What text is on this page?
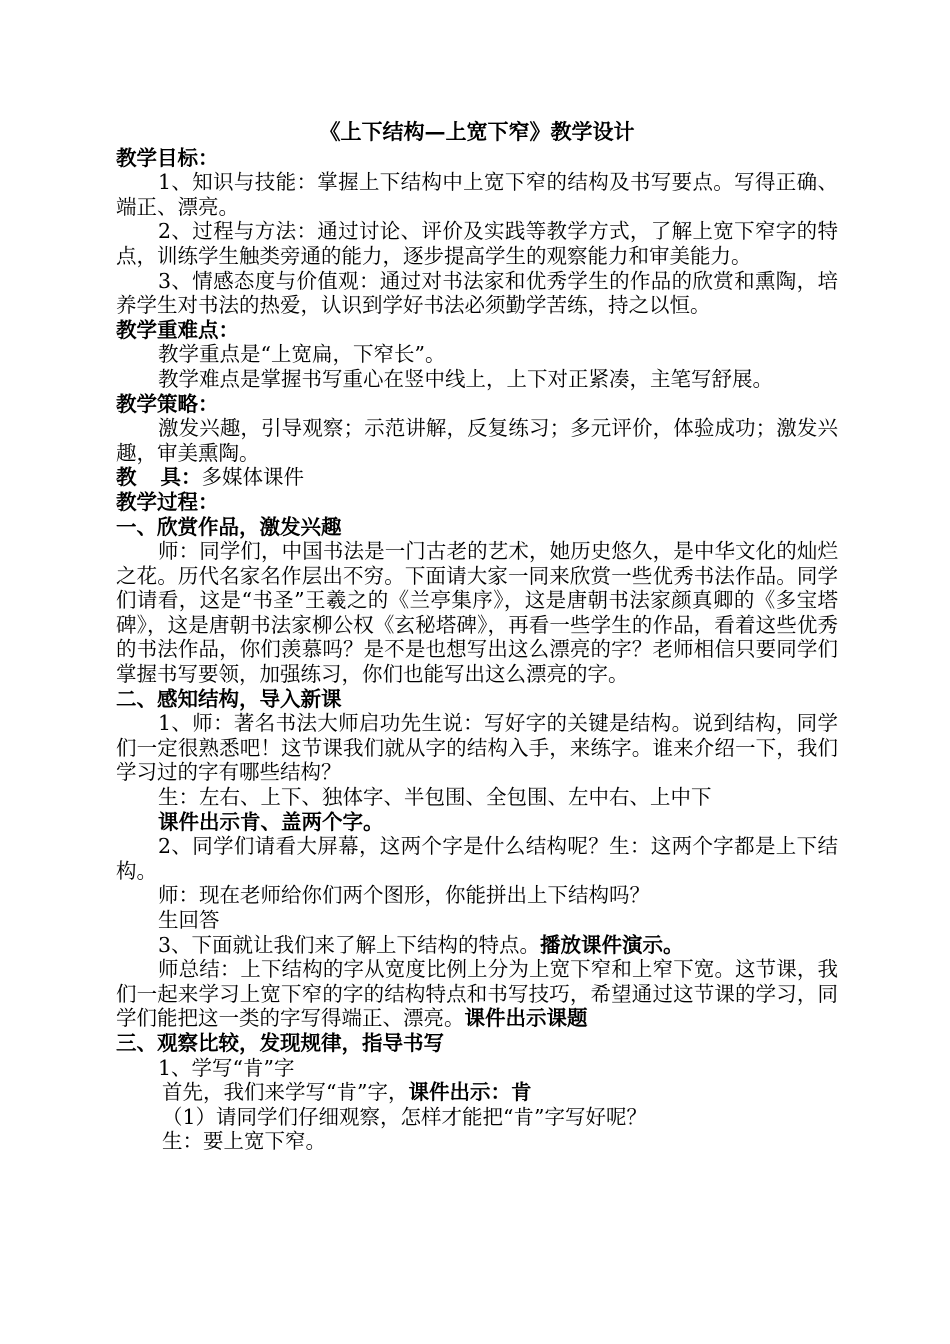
《上下结构—上宽下窄》教学设计
教学目标：
1、知识与技能：掌握上下结构中上宽下窄的结构及书写要点。写得正确、端正、漂亮。
2、过程与方法：通过讨论、评价及实践等教学方式，了解上宽下窄字的特点，训练学生触类旁通的能力，逐步提高学生的观察能力和审美能力。
3、情感态度与价值观：通过对书法家和优秀学生的作品的欣赏和熏陶，培养学生对书法的热爱，认识到学好书法必须勤学苦练，持之以恒。
教学重难点：
教学重点是“上宽扁，下窄长”。
教学难点是掌握书写重心在竖中线上，上下对正紧凑，主笔写舒展。
教学策略：
激发兴趣，引导观察；示范讲解，反复练习；多元评价，体验成功；激发兴趣，审美熏陶。
教 具： 多媒体课件
教学过程：
一、欣赏作品，激发兴趣
师：同学们，中国书法是一门古老的艺术，她历史悠久，是中华文化的灿烂之花。历代名家名作层出不穷。下面请大家一同来欣赏一些优秀书法作品。同学们请看，这是“书圣”王羲之的《兰亭集序》，这是唐朝书法家颜真卿的《多宝塔碑》，这是唐朝书法家柳公权《玄秘塔碑》，再看一些学生的作品，看着这些优秀的书法作品，你们羡慕吗？是不是也想写出这么漂亮的字？老师相信只要同学们掌握书写要领，加强练习，你们也能写出这么漂亮的字。
二、感知结构，导入新课
1、师：著名书法大师启功先生说：写好字的关键是结构。说到结构，同学们一定很熟悉吧！这节课我们就从字的结构入手，来练字。谁来介绍一下，我们学习过的字有哪些结构？
生：左右、上下、独体字、半包围、全包围、左中右、上中下
课件出示肯、盖两个字。
2、同学们请看大屏幕，这两个字是什么结构呢？生：这两个字都是上下结构。
师：现在老师给你们两个图形，你能拼出上下结构吗？
生回答
3、下面就让我们来了解上下结构的特点。播放课件演示。
师总结：上下结构的字从宽度比例上分为上宽下窄和上窄下宽。这节课，我们一起来学习上宽下窄的字的结构特点和书写技巧，希望通过这节课的学习，同学们能把这一类的字写得端正、漂亮。课件出示课题
三、观察比较，发现规律，指导书写
1、学写“肯”字
首先，我们来学写“肯”字，课件出示：肯
（1）请同学们仔细观察，怎样才能把“肯”字写好呢？
生：要上宽下窄。
